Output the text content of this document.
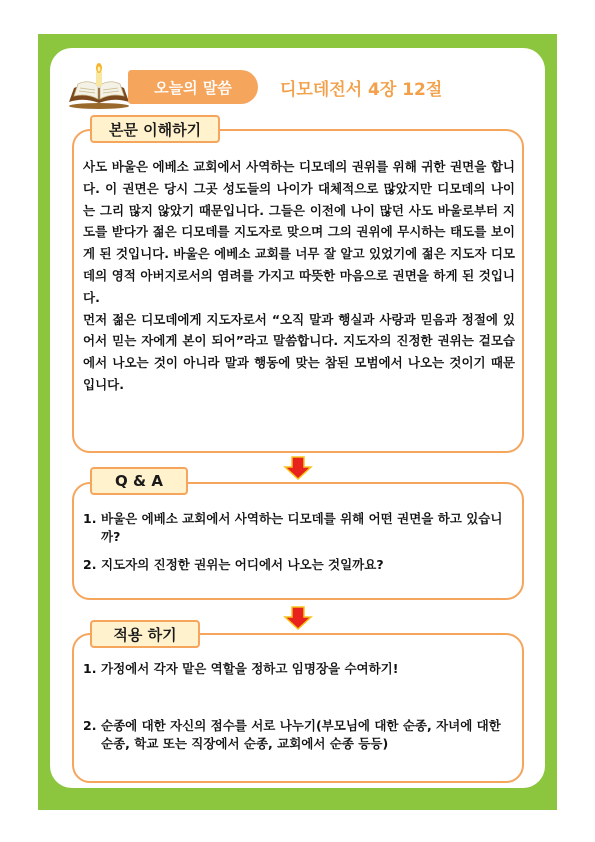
오늘의 말씀	디모데전서 4장 12절
본문 이해하기

사도 바울은 에베소 교회에서 사역하는 디모데의 권위를 위해 귀한 권면을 합니다. 이 권면은 당시 그곳 성도들의 나이가 대체적으로 많았지만 디모데의 나이는 그리 많지 않았기 때문입니다. 그들은 이전에 나이 많던 사도 바울로부터 지도를 받다가 젊은 디모데를 지도자로 맞으며 그의 권위에 무시하는 태도를 보이게 된 것입니다. 바울은 에베소 교회를 너무 잘 알고 있었기에 젊은 지도자 디모데의 영적 아버지로서의 염려를 가지고 따뜻한 마음으로 권면을 하게 된 것입니다.

먼저 젊은 디모데에게 지도자로서 “오직 말과 행실과 사랑과 믿음과 정절에 있어서 믿는 자에게 본이 되어”라고 말씀합니다. 지도자의 진정한 권위는 겉모습에서 나오는 것이 아니라 말과 행동에 맞는 참된 모범에서 나오는 것이기 때문입니다.

Q & A
1. 바울은 에베소 교회에서 사역하는 디모데를 위해 어떤 권면을 하고 있습니까?
2. 지도자의 진정한 권위는 어디에서 나오는 것일까요?
적용 하기
1. 가정에서 각자 맡은 역할을 정하고 임명장을 수여하기!
2. 순종에 대한 자신의 점수를 서로 나누기(부모님에 대한 순종, 자녀에 대한 순종, 학교 또는 직장에서 순종, 교회에서 순종 등등)
